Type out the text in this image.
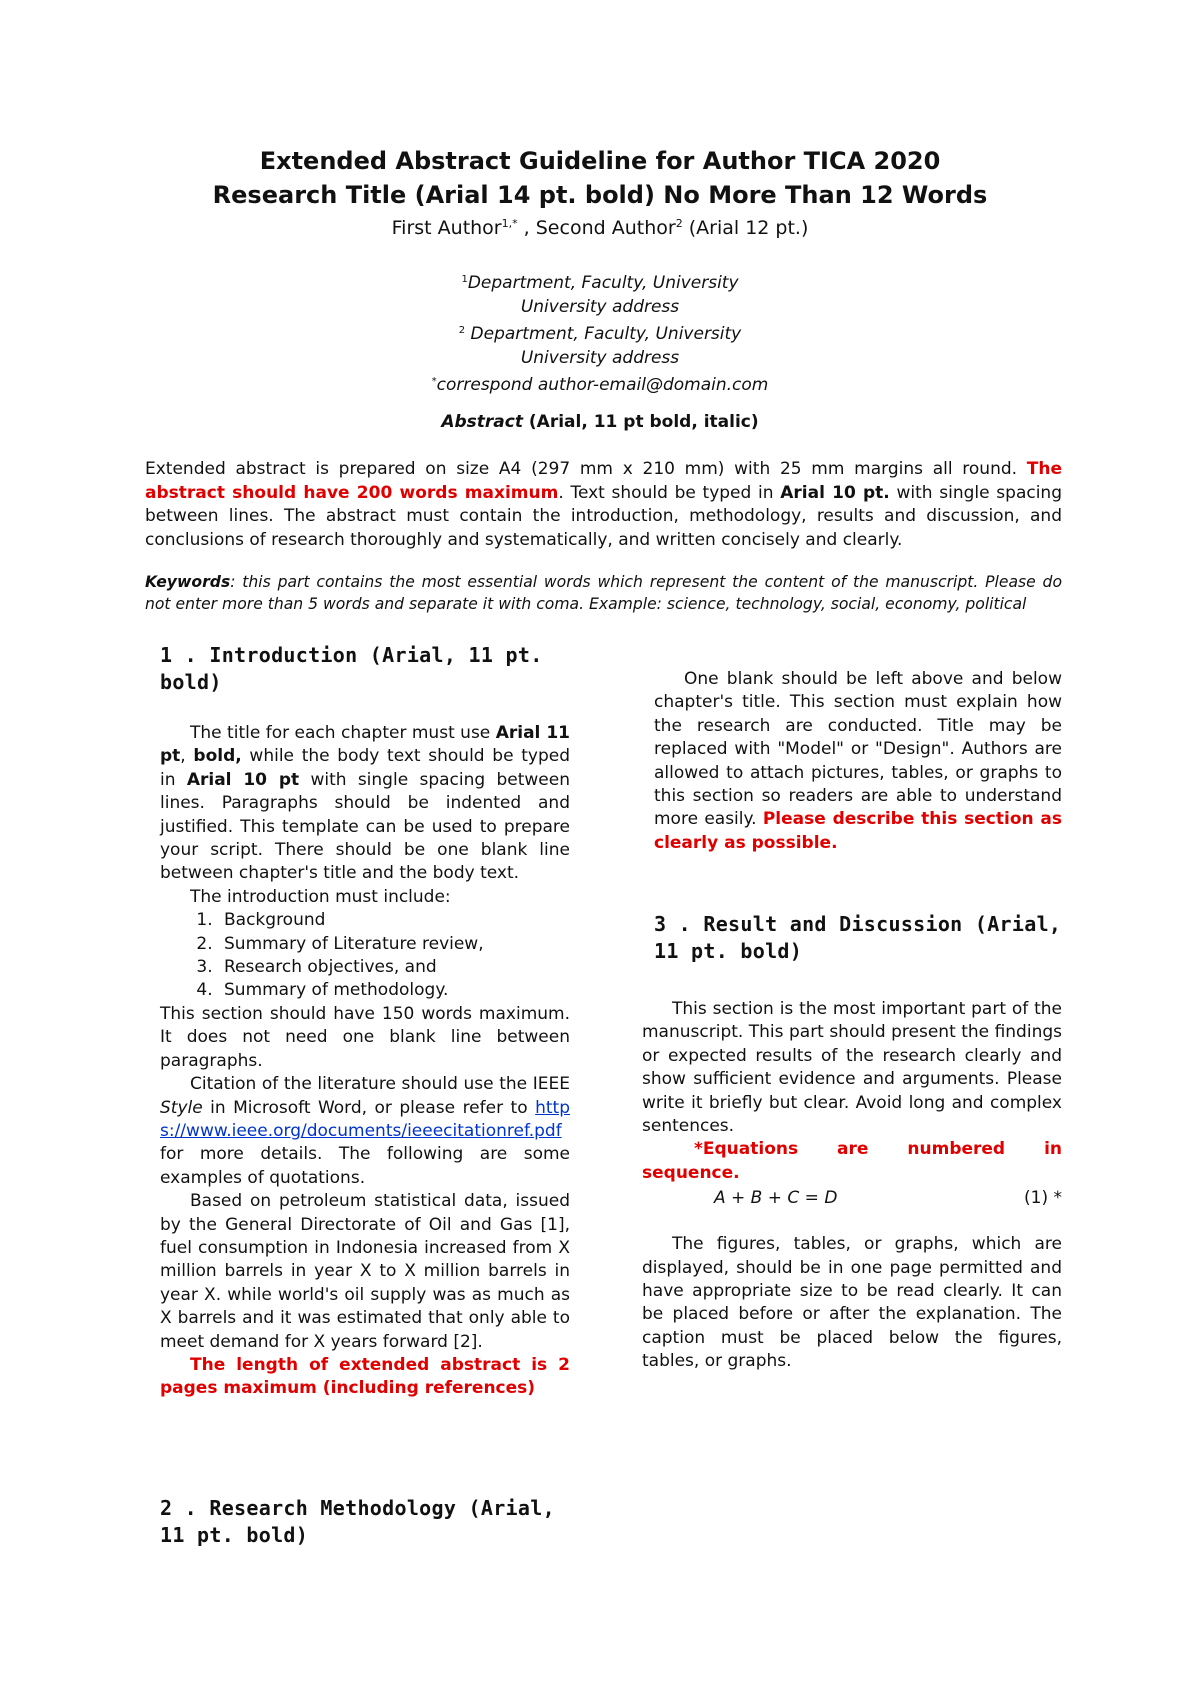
Extended Abstract Guideline for Author TICA 2020
Research Title (Arial 14 pt. bold) No More Than 12 Words
First Author$^{1,*}$ , Second Author$^2$ (Arial 12 pt.)
$^1$Department, Faculty, University
University address
$^2$ Department, Faculty, University
University address
*correspond author-email@domain.com
Abstract (Arial, 11 pt bold, italic)
Extended abstract is prepared on size A4 (297 mm x 210 mm) with 25 mm margins all round. The abstract should have 200 words maximum. Text should be typed in Arial 10 pt. with single spacing between lines. The abstract must contain the introduction, methodology, results and discussion, and conclusions of research thoroughly and systematically, and written concisely and clearly.
Keywords: this part contains the most essential words which represent the content of the manuscript. Please do not enter more than 5 words and separate it with coma. Example: science, technology, social, economy, political
1 . Introduction (Arial, 11 pt. bold)

The title for each chapter must use Arial 11 pt, bold, while the body text should be typed in Arial 10 pt with single spacing between lines. Paragraphs should be indented and justified. This template can be used to prepare your script. There should be one blank line between chapter's title and the body text.

The introduction must include:

1. Background
2. Summary of Literature review,
3. Research objectives, and
4. Summary of methodology.

This section should have 150 words maximum. It does not need one blank line between paragraphs.

Citation of the literature should use the IEEE Style in Microsoft Word, or please refer to https://www.ieee.org/documents/ieeecitationref.pdf for more details. The following are some examples of quotations.

Based on petroleum statistical data, issued by the General Directorate of Oil and Gas [1], fuel consumption in Indonesia increased from X million barrels in year X to X million barrels in year X. while world's oil supply was as much as X barrels and it was estimated that only able to meet demand for X years forward [2].

The length of extended abstract is 2 pages maximum (including references)

2 . Research Methodology (Arial, 11 pt. bold)

One blank should be left above and below chapter's title. This section must explain how the research are conducted. Title may be replaced with "Model" or "Design". Authors are allowed to attach pictures, tables, or graphs to this section so readers are able to understand more easily. Please describe this section as clearly as possible.

3 . Result and Discussion (Arial, 11 pt. bold)

This section is the most important part of the manuscript. This part should present the findings or expected results of the research clearly and show sufficient evidence and arguments. Please write it briefly but clear. Avoid long and complex sentences.

*Equations are numbered in sequence.

A + B + C = D	(1) *

The figures, tables, or graphs, which are displayed, should be in one page permitted and have appropriate size to be read clearly. It can be placed before or after the explanation. The caption must be placed below the figures, tables, or graphs.
